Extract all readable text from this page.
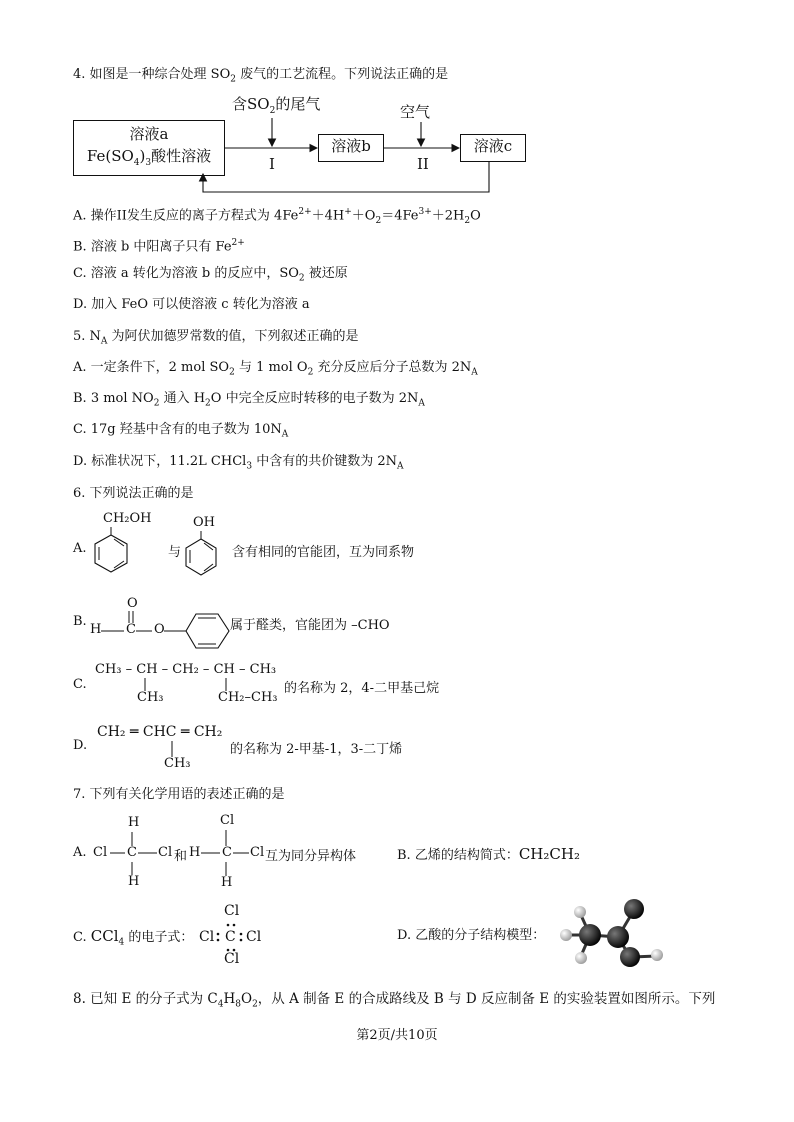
4. 如图是一种综合处理 $SO_2$ 废气的工艺流程。下列说法正确的是
含$SO_2$的尾气	空气
溶液a
$Fe(SO_4)_3$酸性溶液
溶液b	溶液c
I	II
A. 操作II发生反应的离子方程式为 $4Fe^{2+}+4H^++O_2=4Fe^{3+}+2H_2O$
B. 溶液 b 中阳离子只有 $Fe^{2+}$
C. 溶液 a 转化为溶液 b 的反应中，$SO_2$ 被还原
D. 加入 FeO 可以使溶液 c 转化为溶液 a
5. $N_A$ 为阿伏加德罗常数的值，下列叙述正确的是
A. 一定条件下，2 mol $SO_2$ 与 1 mol $O_2$ 充分反应后分子总数为 $2N_A$
B. 3 mol $NO_2$ 通入 $H_2O$ 中完全反应时转移的电子数为 $2N_A$
C. 17g 羟基中含有的电子数为 $10N_A$
D. 标准状况下，11.2L CHCl$_3$ 中含有的共价键数为 $2N_A$
6. 下列说法正确的是
A.
CH₂OH	OH
与	含有相同的官能团，互为同系物
B.
O
H C O	属于醛类，官能团为 –CHO
C.
CH₃ – CH – CH₂ – CH – CH₃
CH₃	CH₂–CH₃
的名称为 2，4-二甲基己烷
D.
CH₂ ═ CHC ═ CH₂
CH₃
的名称为 2-甲基-1，3-二丁烯
7. 下列有关化学用语的表述正确的是
A.
H
Cl C Cl 和
H
Cl
H C Cl
H
互为同分异构体	B. 乙烯的结构简式：CH₂CH₂
C. CCl$_4$ 的电子式：
Cl
Cl C Cl
Cl
D. 乙酸的分子结构模型：
8. 已知 E 的分子式为 $C_4H_8O_2$，从 A 制备 E 的合成路线及 B 与 D 反应制备 E 的实验装置如图所示。下列
第2页/共10页
